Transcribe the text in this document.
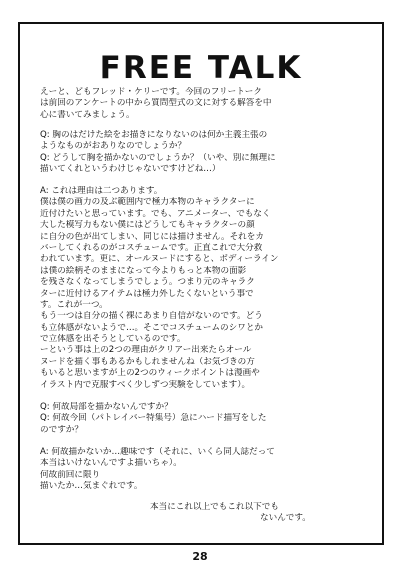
FREE TALK
えーと、どもフレッド・ケリーです。今回のフリートーク
は前回のアンケートの中から質問型式の文に対する解答を中
心に書いてみましょう。
Q: 胸のはだけた絵をお描きになりないのは何か主義主張の
ようなものがおありなのでしょうか？
Q: どうして胸を描かないのでしょうか？（いや、別に無理に
描いてくれというわけじゃないですけどね…）
A: これは理由は二つあります。
僕は僕の画力の及ぶ範囲内で極力本物のキャラクターに
近付けたいと思っています。でも、アニメーター、でもなく
大した模写力もない僕にはどうしてもキャラクターの顔
に自分の色が出てしまい、同じには描けません。それをカ
バーしてくれるのがコスチュームです。正直これで大分救
われています。更に、オールヌードにすると、ボディーライン
は僕の絵柄そのままになって今よりもっと本物の面影
を残さなくなってしまうでしょう。つまり元のキャラク
ターに近付けるアイテムは極力外したくないという事で
す。これが一つ。
もう一つは自分の描く裸にあまり自信がないのです。どう
も立体感がないようで…。そこでコスチュームのシワとか
で立体感を出そうとしているのです。
ーという事は上の2つの理由がクリアー出来たらオール
ヌードを描く事もあるかもしれませんね（お気づきの方
もいると思いますが上の2つのウィークポイントは漫画や
イラスト内で克服すべく少しずつ実験をしています）。
Q: 何故局部を描かないんですか？
Q: 何故今回（パトレイバー特集号）急にハード描写をした
のですか？
A: 何故描かないか…趣味です（それに、いくら同人誌だって
本当はいけないんですよ描いちゃ）。
何故前回に限り
描いたか…気まぐれです。
本当にこれ以上でもこれ以下でも
ないんです。
28
